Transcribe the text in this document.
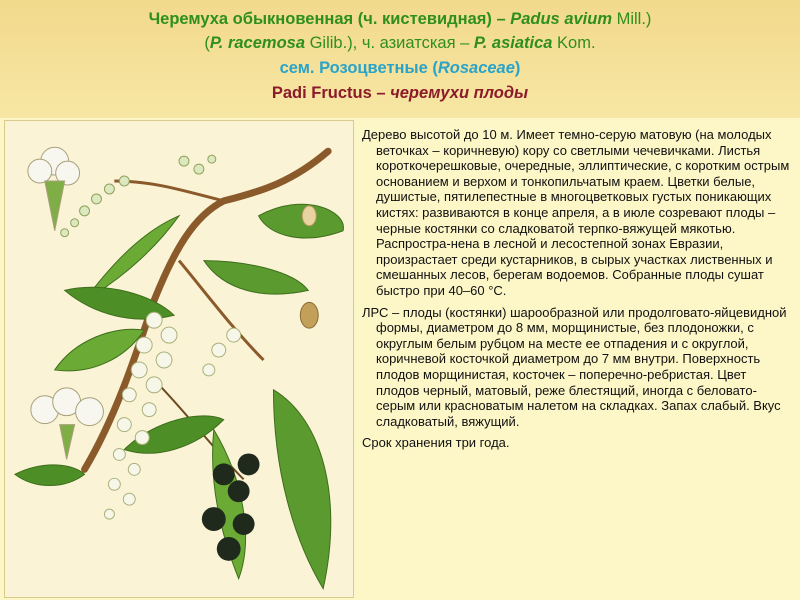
Черемуха обыкновенная (ч. кистевидная) – Padus avium Mill.)
(P. racemosa Gilib.), ч. азиатская – P. asiatica Kom.
сем. Розоцветные (Rosaceae)
Padi Fructus – черемухи плоды

Дерево высотой до 10 м. Имеет темно-серую матовую (на молодых веточках – коричневую) кору со светлыми чечевичками. Листья короткочерешковые, очередные, эллиптические, с коротким острым основанием и верхом и тонкопильчатым краем. Цветки белые, душистые, пятилепестные в многоцветковых густых поникающих кистях: развиваются в конце апреля, а в июле созревают плоды – черные костянки со сладковатой терпко-вяжущей мякотью. Распростра-нена в лесной и лесостепной зонах Евразии, произрастает среди кустарников, в сырых участках лиственных и смешанных лесов, берегам водоемов. Собранные плоды сушат быстро при 40–60 °С.

ЛРС – плоды (костянки) шарообразной или продолговато-яйцевидной формы, диаметром до 8 мм, морщинистые, без плодоножки, с округлым белым рубцом на месте ее отпадения и с округлой, коричневой косточкой диаметром до 7 мм внутри. Поверхность плодов морщинистая, косточек – поперечно-ребристая. Цвет плодов черный, матовый, реже блестящий, иногда с беловато-серым или красноватым налетом на складках. Запах слабый. Вкус сладковатый, вяжущий.

Срок хранения три года.
